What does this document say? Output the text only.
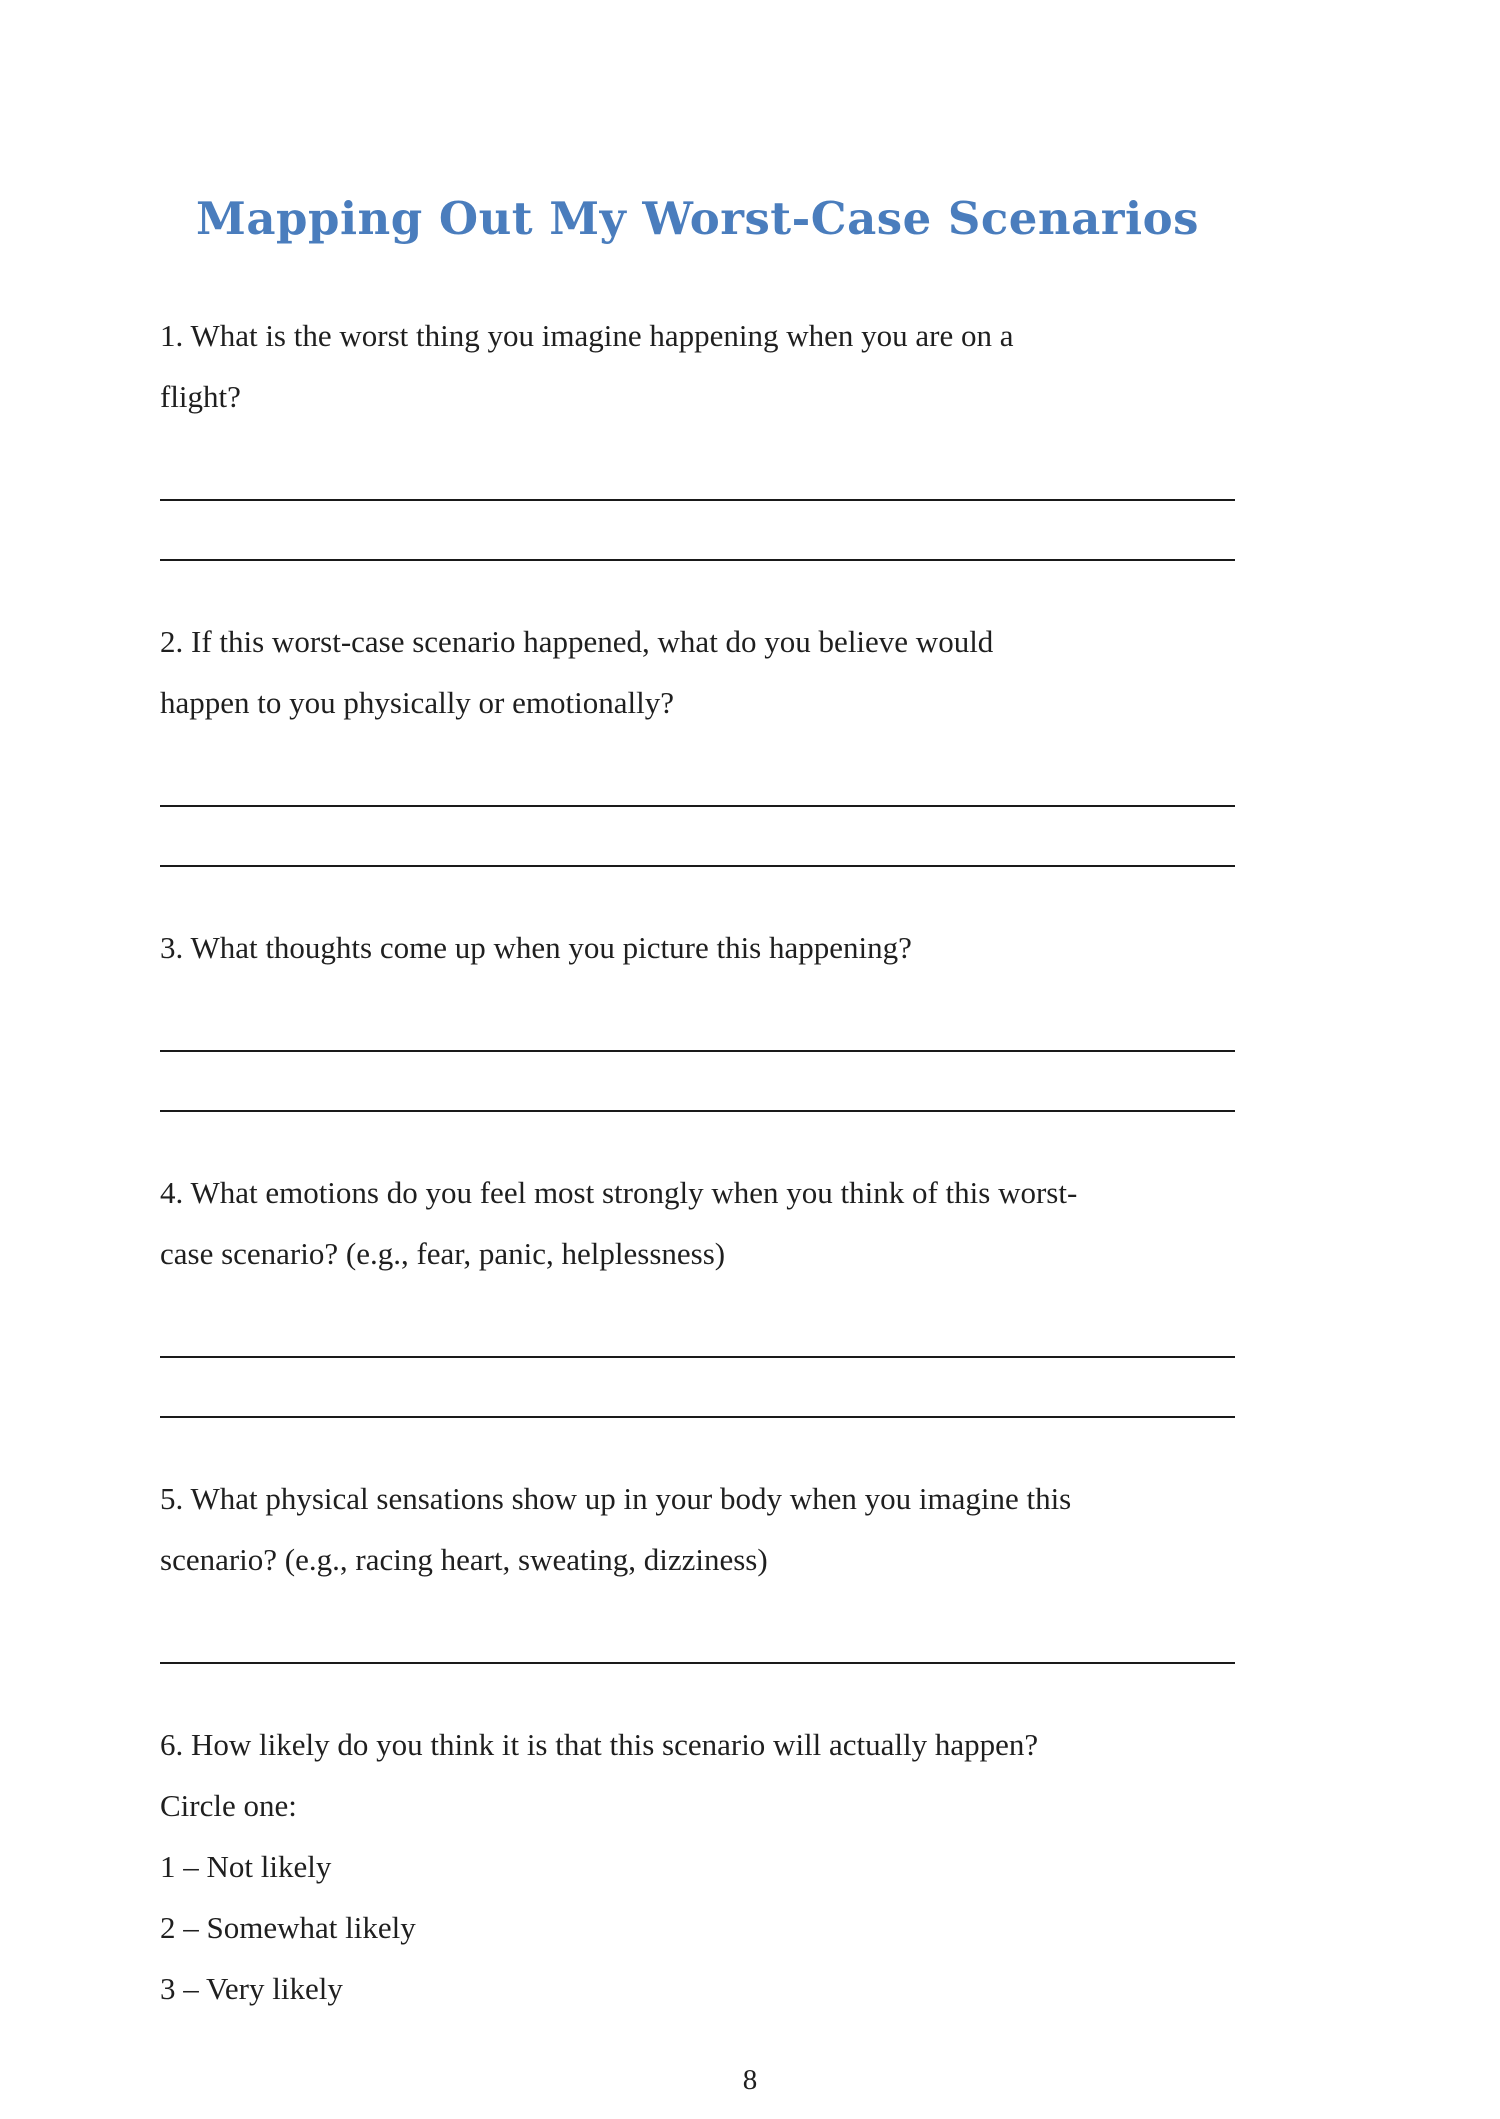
Mapping Out My Worst-Case Scenarios
1. What is the worst thing you imagine happening when you are on a
flight?
2. If this worst-case scenario happened, what do you believe would
happen to you physically or emotionally?
3. What thoughts come up when you picture this happening?
4. What emotions do you feel most strongly when you think of this worst-
case scenario? (e.g., fear, panic, helplessness)
5. What physical sensations show up in your body when you imagine this
scenario? (e.g., racing heart, sweating, dizziness)
6. How likely do you think it is that this scenario will actually happen?
Circle one:
1 – Not likely
2 – Somewhat likely
3 – Very likely
8
